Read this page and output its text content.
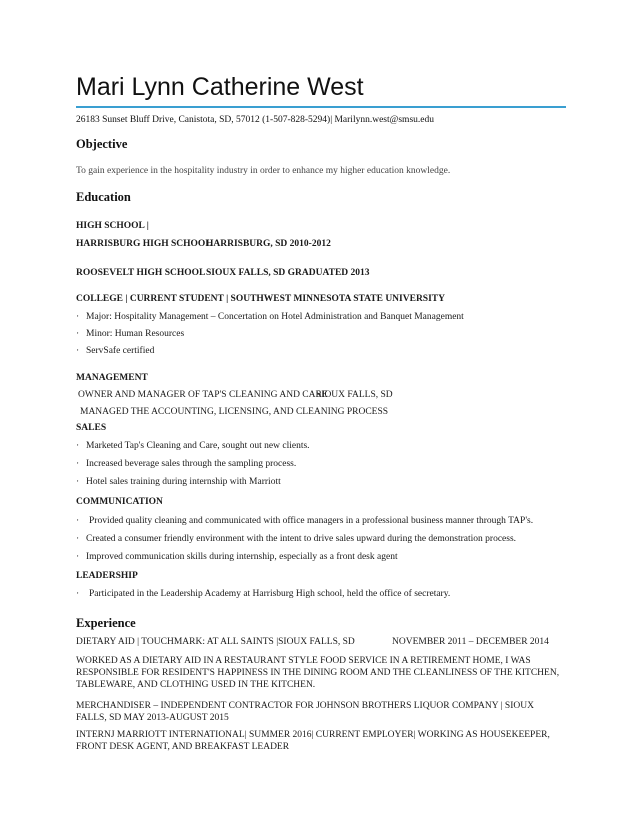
Mari Lynn Catherine West
26183 Sunset Bluff Drive, Canistota, SD, 57012 (1-507-828-5294)| Marilynn.west@smsu.edu
Objective
To gain experience in the hospitality industry in order to enhance my higher education knowledge.
Education
HIGH SCHOOL |
HARRISBURG HIGH SCHOOL
HARRISBURG, SD 2010-2012
ROOSEVELT HIGH SCHOOL SIOUX FALLS, SD GRADUATED 2013
COLLEGE | CURRENT STUDENT | SOUTHWEST MINNESOTA STATE UNIVERSITY
· Major: Hospitality Management – Concertation on Hotel Administration and Banquet Management
· Minor: Human Resources
· ServSafe certified
MANAGEMENT
OWNER AND MANAGER OF TAP'S CLEANING AND CARE
SIOUX FALLS, SD
MANAGED THE ACCOUNTING, LICENSING, AND CLEANING PROCESS
SALES
· Marketed Tap's Cleaning and Care, sought out new clients.
· Increased beverage sales through the sampling process.
· Hotel sales training during internship with Marriott
COMMUNICATION
· Provided quality cleaning and communicated with office managers in a professional business manner through TAP's.
· Created a consumer friendly environment with the intent to drive sales upward during the demonstration process.
· Improved communication skills during internship, especially as a front desk agent
LEADERSHIP
· Participated in the Leadership Academy at Harrisburg High school, held the office of secretary.
Experience
DIETARY AID | TOUCHMARK: AT ALL SAINTS |SIOUX FALLS, SD	NOVEMBER 2011 – DECEMBER 2014
WORKED AS A DIETARY AID IN A RESTAURANT STYLE FOOD SERVICE IN A RETIREMENT HOME, I WAS RESPONSIBLE FOR RESIDENT'S HAPPINESS IN THE DINING ROOM AND THE CLEANLINESS OF THE KITCHEN, TABLEWARE, AND CLOTHING USED IN THE KITCHEN.
MERCHANDISER – INDEPENDENT CONTRACTOR FOR JOHNSON BROTHERS LIQUOR COMPANY | SIOUX FALLS, SD MAY 2013-AUGUST 2015
INTERNJ MARRIOTT INTERNATIONAL| SUMMER 2016| CURRENT EMPLOYER| WORKING AS HOUSEKEEPER, FRONT DESK AGENT, AND BREAKFAST LEADER
